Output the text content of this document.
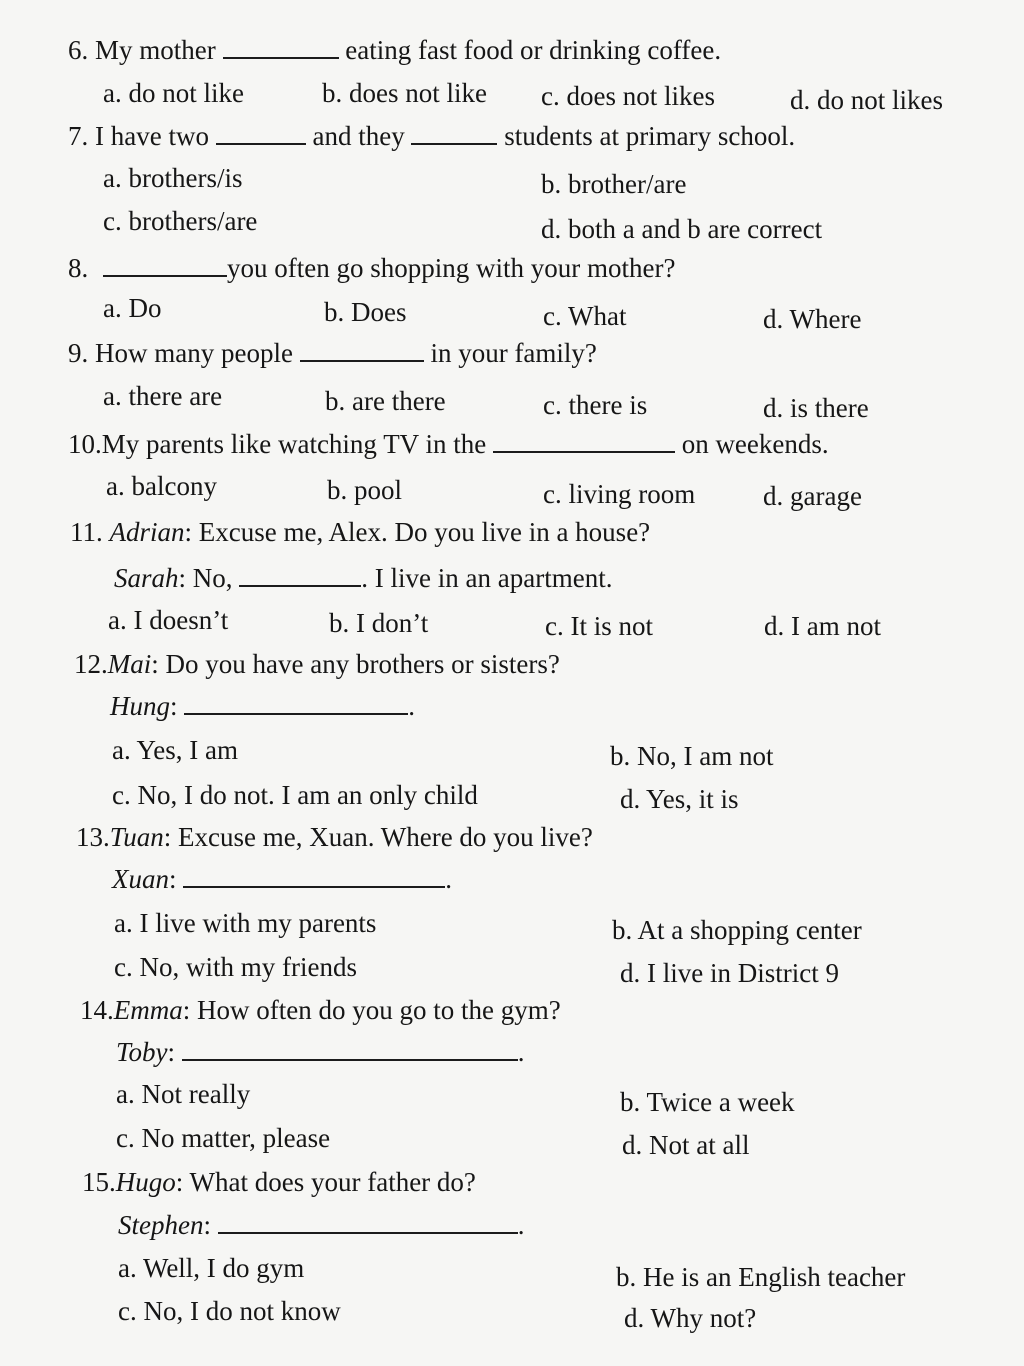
6. My mother	eating fast food or drinking coffee.
a. do not like	b. does not like c. does not likes	d. do not likes
7. I have two	and they	students at primary school.
a. brothers/is	b. brother/are
c. brothers/are	d. both a and b are correct
8.	you often go shopping with your mother?
a. Do	b. Does	c. What	d. Where
9. How many people	in your family?
a. there are	b. are there	c. there is	d. is there
10.My parents like watching TV in the	on weekends.
a. balcony	b. pool	c. living room	d. garage
11. Adrian: Excuse me, Alex. Do you live in a house?
Sarah: No,	. I live in an apartment.
a. I doesn’t	b. I don’t	c. It is not	d. I am not
12.Mai: Do you have any brothers or sisters?
Hung:	.
a. Yes, I am	b. No, I am not
c. No, I do not. I am an only child	d. Yes, it is
13.Tuan: Excuse me, Xuan. Where do you live?
Xuan:	.
a. I live with my parents	b. At a shopping center
c. No, with my friends	d. I live in District 9
14.Emma: How often do you go to the gym?
Toby:	.
a. Not really	b. Twice a week
c. No matter, please	d. Not at all
15.Hugo: What does your father do?
Stephen:	.
a. Well, I do gym	b. He is an English teacher
c. No, I do not know	d. Why not?
